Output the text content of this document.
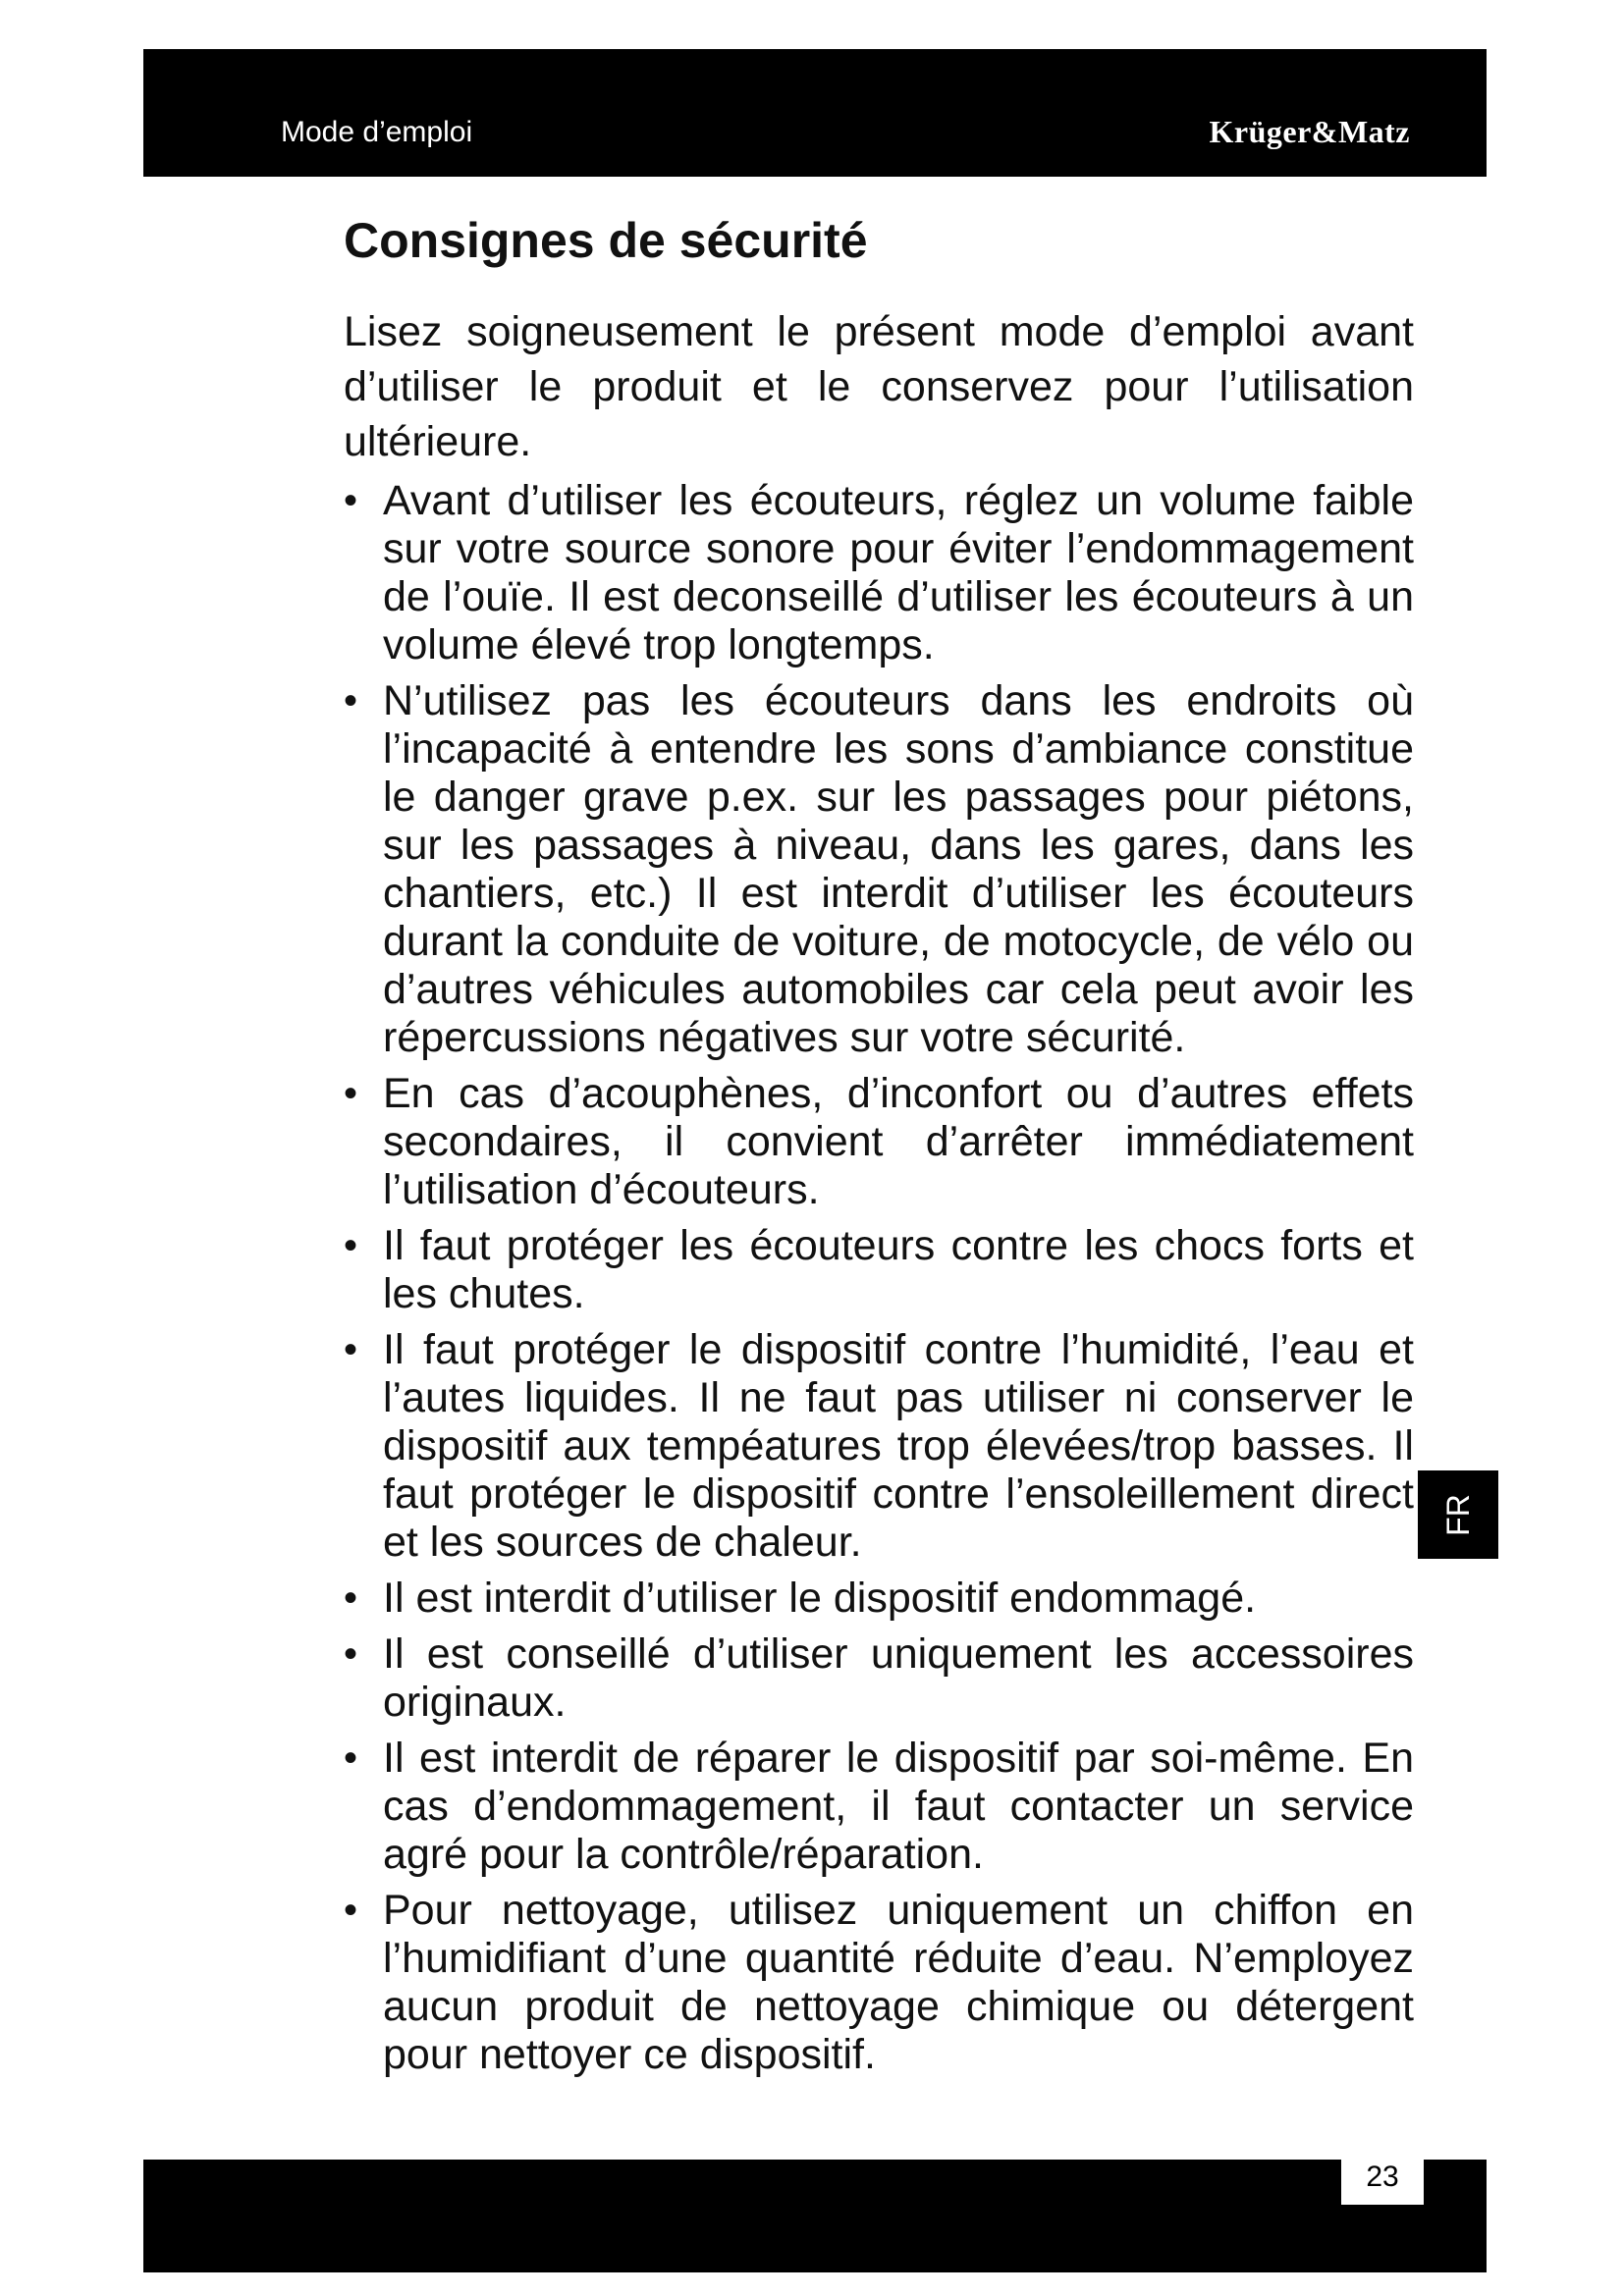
Mode d’emploi	Krüger&Matz
Consignes de sécurité

Lisez soigneusement le présent mode d’emploi avant d’utiliser le produit et le conservez pour l’utilisation ultérieure.

• Avant d’utiliser les écouteurs, réglez un volume faible sur votre source sonore pour éviter l’endommagement de l’ouïe. Il est deconseillé d’utiliser les écouteurs à un volume élevé trop longtemps.
• N’utilisez pas les écouteurs dans les endroits où l’incapacité à entendre les sons d’ambiance constitue le danger grave p.ex. sur les passages pour piétons, sur les passages à niveau, dans les gares, dans les chantiers, etc.) Il est interdit d’utiliser les écouteurs durant la conduite de voiture, de motocycle, de vélo ou d’autres véhicules automobiles car cela peut avoir les répercussions négatives sur votre sécurité.
• En cas d’acouphènes, d’inconfort ou d’autres effets secondaires, il convient d’arrêter immédiatement l’utilisation d’écouteurs.
• Il faut protéger les écouteurs contre les chocs forts et les chutes.
• Il faut protéger le dispositif contre l’humidité, l’eau et l’autes liquides. Il ne faut pas utiliser ni conserver le dispositif aux tempéatures trop élevées/trop basses. Il faut protéger le dispositif contre l’ensoleillement direct et les sources de chaleur.
• Il est interdit d’utiliser le dispositif endommagé.
• Il est conseillé d’utiliser uniquement les accessoires originaux.
• Il est interdit de réparer le dispositif par soi-même. En cas d’endommagement, il faut contacter un service agré pour la contrôle/réparation.
• Pour nettoyage, utilisez uniquement un chiffon en l’humidifiant d’une quantité réduite d’eau. N’employez aucun produit de nettoyage chimique ou détergent pour nettoyer ce dispositif.
FR
23
